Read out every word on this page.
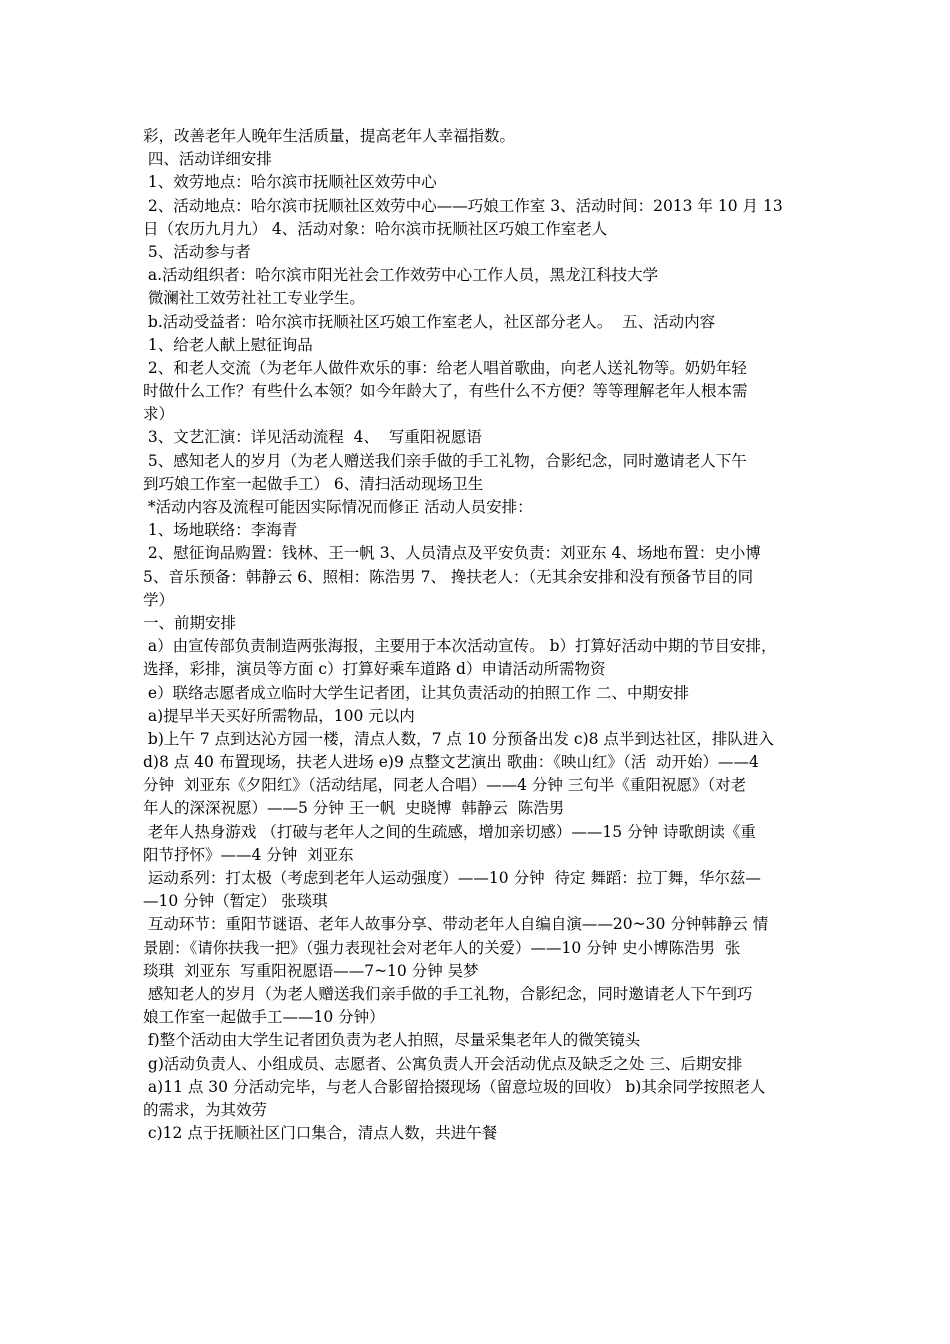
彩，改善老年人晚年生活质量，提高老年人幸福指数。

四、活动详细安排

1、效劳地点：哈尔滨市抚顺社区效劳中心

2、活动地点：哈尔滨市抚顺社区效劳中心——巧娘工作室 3、活动时间：2013 年 10 月 13

日（农历九月九） 4、活动对象：哈尔滨市抚顺社区巧娘工作室老人

5、活动参与者

a.活动组织者：哈尔滨市阳光社会工作效劳中心工作人员，黑龙江科技大学

微澜社工效劳社社工专业学生。

b.活动受益者：哈尔滨市抚顺社区巧娘工作室老人，社区部分老人。  五、活动内容

1、给老人献上慰征询品

2、和老人交流（为老年人做件欢乐的事：给老人唱首歌曲，向老人送礼物等。奶奶年轻

时做什么工作？有些什么本领？如今年龄大了，有些什么不方便？等等理解老年人根本需

求）

3、文艺汇演：详见活动流程  4、  写重阳祝愿语

5、感知老人的岁月（为老人赠送我们亲手做的手工礼物，合影纪念，同时邀请老人下午

到巧娘工作室一起做手工） 6、清扫活动现场卫生

*活动内容及流程可能因实际情况而修正 活动人员安排：

1、场地联络：李海青

2、慰征询品购置：钱林、王一帆 3、人员清点及平安负责：刘亚东 4、场地布置：史小博

5、音乐预备：韩静云 6、照相：陈浩男 7、 搀扶老人：（无其余安排和没有预备节目的同

学）

一、前期安排

a）由宣传部负责制造两张海报，主要用于本次活动宣传。 b）打算好活动中期的节目安排，

选择，彩排，演员等方面 c）打算好乘车道路 d）申请活动所需物资

e）联络志愿者成立临时大学生记者团，让其负责活动的拍照工作 二、中期安排

a)提早半天买好所需物品，100 元以内

b)上午 7 点到达沁方园一楼，清点人数，7 点 10 分预备出发 c)8 点半到达社区，排队进入

d)8 点 40 布置现场，扶老人进场 e)9 点整文艺演出 歌曲：《映山红》（活  动开始）——4

分钟  刘亚东《夕阳红》（活动结尾，同老人合唱）——4 分钟 三句半《重阳祝愿》（对老

年人的深深祝愿）——5 分钟 王一帆  史晓博  韩静云  陈浩男

老年人热身游戏 （打破与老年人之间的生疏感，增加亲切感）——15 分钟 诗歌朗读《重

阳节抒怀》——4 分钟  刘亚东

运动系列：打太极（考虑到老年人运动强度）——10 分钟  待定 舞蹈：拉丁舞，华尔兹—

—10 分钟（暂定） 张琰琪

互动环节：重阳节谜语、老年人故事分享、带动老年人自编自演——20~30 分钟韩静云 情

景剧：《请你扶我一把》（强力表现社会对老年人的关爱）——10 分钟 史小博陈浩男  张

琰琪  刘亚东  写重阳祝愿语——7~10 分钟 吴梦

感知老人的岁月（为老人赠送我们亲手做的手工礼物，合影纪念，同时邀请老人下午到巧

娘工作室一起做手工——10 分钟）

f)整个活动由大学生记者团负责为老人拍照，尽量采集老年人的微笑镜头

g)活动负责人、小组成员、志愿者、公寓负责人开会活动优点及缺乏之处 三、后期安排

a)11 点 30 分活动完毕，与老人合影留拾掇现场（留意垃圾的回收） b)其余同学按照老人

的需求，为其效劳

c)12 点于抚顺社区门口集合，清点人数，共进午餐
